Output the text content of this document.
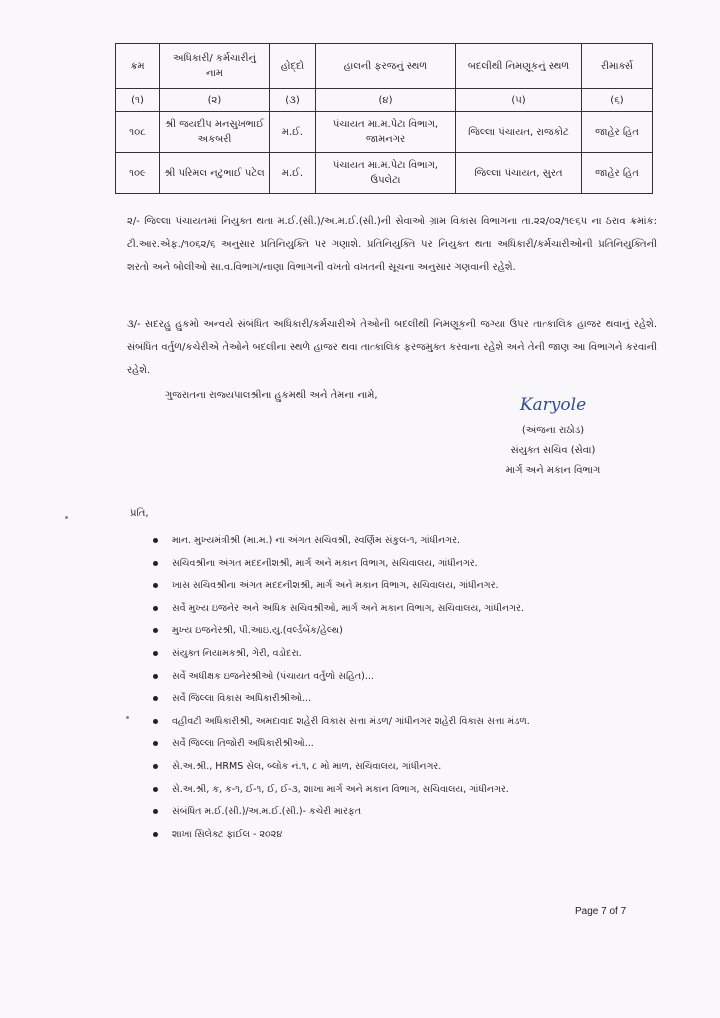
ક્રમ	અધિકારી/ કર્મચારીનું નામ	હોદ્દો	હાલની ફરજનું સ્થળ	બદલીથી નિમણૂકનું સ્થળ	રીમાર્ક્સ
(૧)	(૨)	(૩)	(૪)	(૫)	(૬)
૧૦૮	શ્રી જયદીપ મનસુખભાઈ અકબરી	મ.ઈ.	પંચાયત મા.મ.પેટા વિભાગ, જામનગર	જિલ્લા પંચાયત, રાજકોટ	જાહેર હિત
૧૦૯	શ્રી પરિમલ નટુભાઈ પટેલ	મ.ઈ.	પંચાયત મા.મ.પેટા વિભાગ, ઉપલેટા	જિલ્લા પંચાયત, સુરત	જાહેર હિત

૨/- જિલ્લા પંચાયતમાં નિયુક્ત થતા મ.ઈ.(સી.)/અ.મ.ઈ.(સી.)ની સેવાઓ ગ્રામ વિકાસ વિભાગના તા.૨૨/૦૨/૧૯૬૫ ના ઠરાવ ક્રમાંક: ટી.આર.એફ./૧૦૬૨/૬ અનુસાર પ્રતિનિયુક્તિ પર ગણાશે. પ્રતિનિયુક્તિ પર નિયુક્ત થતા અધિકારી/કર્મચારીઓની પ્રતિનિયુક્તિની શરતો અને બોલીઓ સા.વ.વિભાગ/નાણા વિભાગની વખતો વખતની સૂચના અનુસાર ગણવાની રહેશે.

૩/- સદરહુ હુકમો અન્વયે સંબંધિત અધિકારી/કર્મચારીએ તેઓની બદલીથી નિમણૂકની જગ્યા ઉપર તાત્કાલિક હાજર થવાનું રહેશે. સંબંધિત વર્તુળ/કચેરીએ તેઓને બદલીના સ્થળે હાજર થવા તાત્કાલિક ફરજમુક્ત કરવાના રહેશે અને તેની જાણ આ વિભાગને કરવાની રહેશે.

ગુજરાતના રાજ્યપાલશ્રીના હુકમથી અને તેમના નામે,	Karyole
(અંજના રાઠોડ)
સંયુક્ત સચિવ (સેવા)
માર્ગ અને મકાન વિભાગ

પ્રતિ,

માન. મુખ્યમંત્રીશ્રી (મા.મ.) ના અંગત સચિવશ્રી, સ્વર્ણિમ સંકુલ-૧, ગાંધીનગર.
સચિવશ્રીના અંગત મદદનીશશ્રી, માર્ગ અને મકાન વિભાગ, સચિવાલય, ગાંધીનગર.
ખાસ સચિવશ્રીના અંગત મદદનીશશ્રી, માર્ગ અને મકાન વિભાગ, સચિવાલય, ગાંધીનગર.
સર્વે મુખ્ય ઇજનેર અને અધિક સચિવશ્રીઓ, માર્ગ અને મકાન વિભાગ, સચિવાલય, ગાંધીનગર.
મુખ્ય ઇજનેરશ્રી, પી.આઇ.યુ.(વર્લ્ડબેંક/હેલ્થ)
સંયુક્ત નિયામકશ્રી, ગેરી, વડોદરા.
સર્વે અધીક્ષક ઇજનેરશ્રીઓ (પંચાયત વર્તુળો સહિત)...
સર્વે જિલ્લા વિકાસ અધિકારીશ્રીઓ...
વહીવટી અધિકારીશ્રી, અમદાવાદ શહેરી વિકાસ સત્તા મંડળ/ ગાંધીનગર શહેરી વિકાસ સત્તા મંડળ.
સર્વે જિલ્લા તિજોરી અધિકારીશ્રીઓ...
સે.અ.શ્રી., HRMS સેલ, બ્લોક નં.૧, ૮ મો માળ, સચિવાલય, ગાંધીનગર.
સે.અ.શ્રી, ક, ક-૧, ઈ-૧, ઈ, ઈ-૩, શાખા માર્ગ અને મકાન વિભાગ, સચિવાલય, ગાંધીનગર.
સંબંધિત મ.ઈ.(સી.)/અ.મ.ઈ.(સી.)- કચેરી મારફત
શાખા સિલેક્ટ ફાઈલ - ૨૦૨૪
Page 7 of 7
